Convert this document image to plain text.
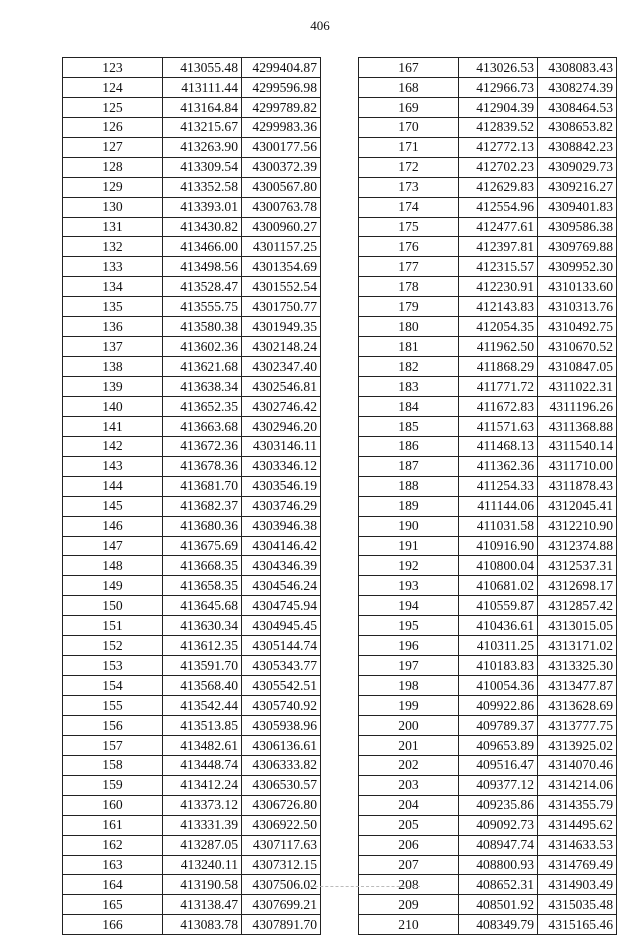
406
123	413055.48	4299404.87
124	413111.44	4299596.98
125	413164.84	4299789.82
126	413215.67	4299983.36
127	413263.90	4300177.56
128	413309.54	4300372.39
129	413352.58	4300567.80
130	413393.01	4300763.78
131	413430.82	4300960.27
132	413466.00	4301157.25
133	413498.56	4301354.69
134	413528.47	4301552.54
135	413555.75	4301750.77
136	413580.38	4301949.35
137	413602.36	4302148.24
138	413621.68	4302347.40
139	413638.34	4302546.81
140	413652.35	4302746.42
141	413663.68	4302946.20
142	413672.36	4303146.11
143	413678.36	4303346.12
144	413681.70	4303546.19
145	413682.37	4303746.29
146	413680.36	4303946.38
147	413675.69	4304146.42
148	413668.35	4304346.39
149	413658.35	4304546.24
150	413645.68	4304745.94
151	413630.34	4304945.45
152	413612.35	4305144.74
153	413591.70	4305343.77
154	413568.40	4305542.51
155	413542.44	4305740.92
156	413513.85	4305938.96
157	413482.61	4306136.61
158	413448.74	4306333.82
159	413412.24	4306530.57
160	413373.12	4306726.80
161	413331.39	4306922.50
162	413287.05	4307117.63
163	413240.11	4307312.15
164	413190.58	4307506.02
165	413138.47	4307699.21
166	413083.78	4307891.70
167	413026.53	4308083.43
168	412966.73	4308274.39
169	412904.39	4308464.53
170	412839.52	4308653.82
171	412772.13	4308842.23
172	412702.23	4309029.73
173	412629.83	4309216.27
174	412554.96	4309401.83
175	412477.61	4309586.38
176	412397.81	4309769.88
177	412315.57	4309952.30
178	412230.91	4310133.60
179	412143.83	4310313.76
180	412054.35	4310492.75
181	411962.50	4310670.52
182	411868.29	4310847.05
183	411771.72	4311022.31
184	411672.83	4311196.26
185	411571.63	4311368.88
186	411468.13	4311540.14
187	411362.36	4311710.00
188	411254.33	4311878.43
189	411144.06	4312045.41
190	411031.58	4312210.90
191	410916.90	4312374.88
192	410800.04	4312537.31
193	410681.02	4312698.17
194	410559.87	4312857.42
195	410436.61	4313015.05
196	410311.25	4313171.02
197	410183.83	4313325.30
198	410054.36	4313477.87
199	409922.86	4313628.69
200	409789.37	4313777.75
201	409653.89	4313925.02
202	409516.47	4314070.46
203	409377.12	4314214.06
204	409235.86	4314355.79
205	409092.73	4314495.62
206	408947.74	4314633.53
207	408800.93	4314769.49
208	408652.31	4314903.49
209	408501.92	4315035.48
210	408349.79	4315165.46
